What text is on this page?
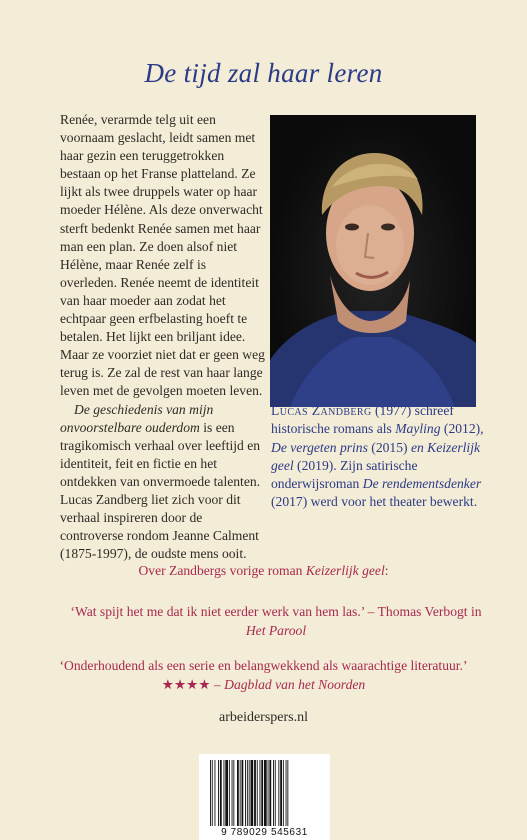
De tijd zal haar leren

Renée, verarmde telg uit een voornaam geslacht, leidt samen met haar gezin een teruggetrokken bestaan op het Franse platteland. Ze lijkt als twee druppels water op haar moeder Hélène. Als deze onverwacht sterft bedenkt Renée samen met haar man een plan. Ze doen alsof niet Hélène, maar Renée zelf is overleden. Renée neemt de identiteit van haar moeder aan zodat het echtpaar geen erfbelasting hoeft te betalen. Het lijkt een briljant idee. Maar ze voorziet niet dat er geen weg terug is. Ze zal de rest van haar lange leven met de gevolgen moeten leven.

De geschiedenis van mijn onvoorstelbare ouderdom is een tragikomisch verhaal over leeftijd en identiteit, feit en fictie en het ontdekken van onvermoede talenten. Lucas Zandberg liet zich voor dit verhaal inspireren door de controverse rondom Jeanne Calment (1875-1997), de oudste mens ooit.

Lucas Zandberg (1977) schreef historische romans als Mayling (2012), De vergeten prins (2015) en Keizerlijk geel (2019). Zijn satirische onderwijsroman De rendementsdenker (2017) werd voor het theater bewerkt.
Over Zandbergs vorige roman Keizerlijk geel:
‘Wat spijt het me dat ik niet eerder werk van hem las.’ – Thomas Verbogt in Het Parool
‘Onderhoudend als een serie en belangwekkend als waarachtige literatuur.’
★★★★ – Dagblad van het Noorden
arbeiderspers.nl
9 789029 545631
